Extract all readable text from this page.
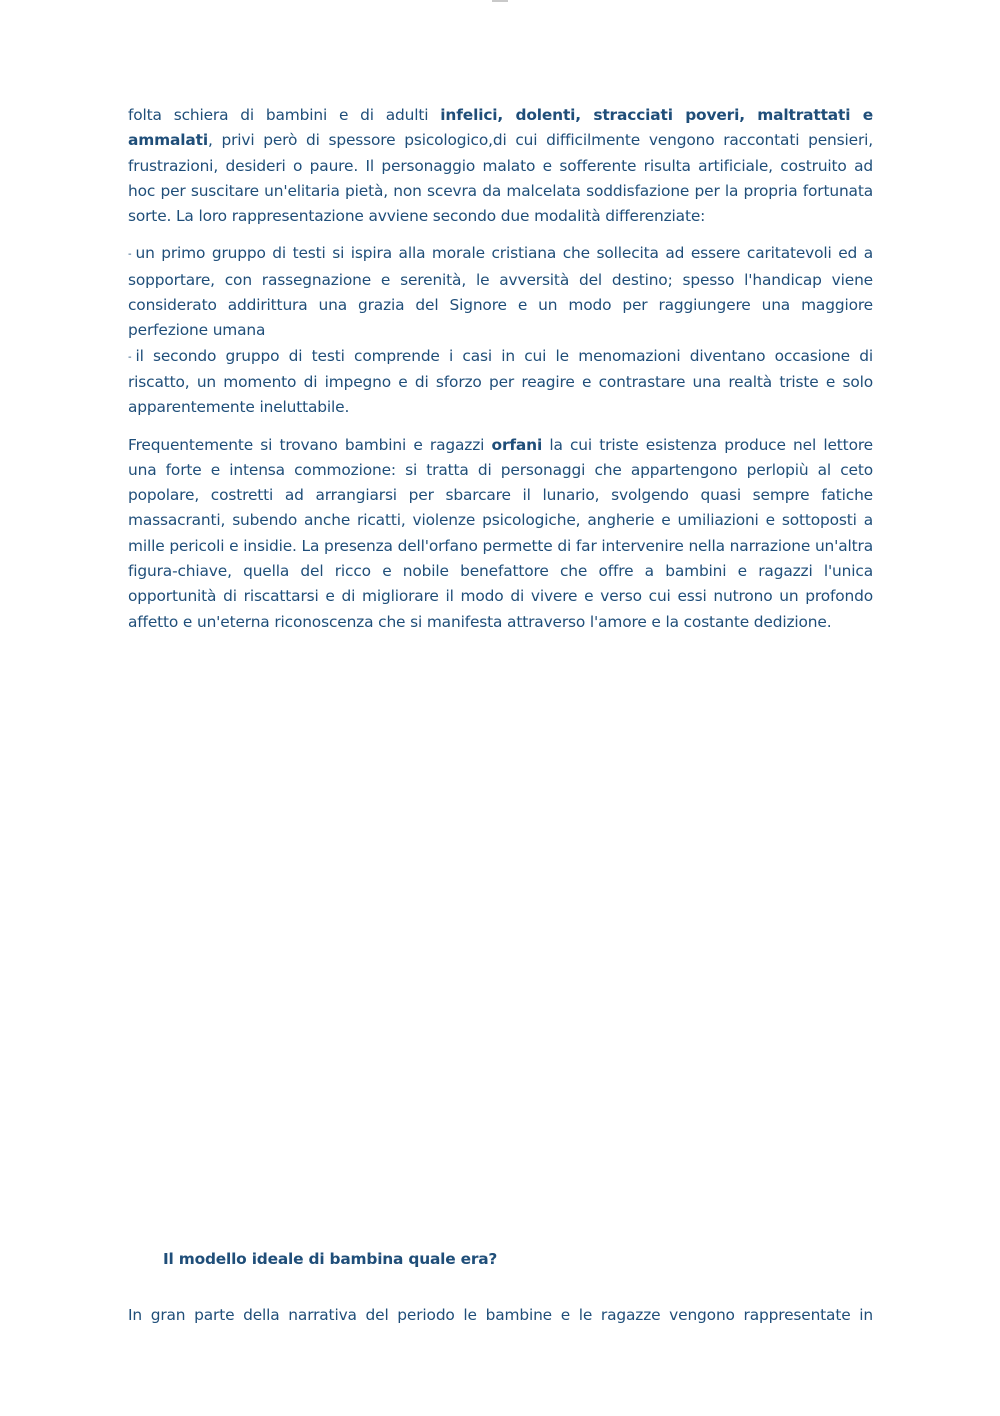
folta schiera di bambini e di adulti infelici, dolenti, stracciati poveri, maltrattati e ammalati, privi però di spessore psicologico,di cui difficilmente vengono raccontati pensieri, frustrazioni, desideri o paure. Il personaggio malato e sofferente risulta artificiale, costruito ad hoc per suscitare un'elitaria pietà, non scevra da malcelata soddisfazione per la propria fortunata sorte. La loro rappresentazione avviene secondo due modalità differenziate:

- un primo gruppo di testi si ispira alla morale cristiana che sollecita ad essere caritatevoli ed a sopportare, con rassegnazione e serenità, le avversità del destino; spesso l'handicap viene considerato addirittura una grazia del Signore e un modo per raggiungere una maggiore perfezione umana

- il secondo gruppo di testi comprende i casi in cui le menomazioni diventano occasione di riscatto, un momento di impegno e di sforzo per reagire e contrastare una realtà triste e solo apparentemente ineluttabile.

Frequentemente si trovano bambini e ragazzi orfani la cui triste esistenza produce nel lettore una forte e intensa commozione: si tratta di personaggi che appartengono perlopiù al ceto popolare, costretti ad arrangiarsi per sbarcare il lunario, svolgendo quasi sempre fatiche massacranti, subendo anche ricatti, violenze psicologiche, angherie e umiliazioni e sottoposti a mille pericoli e insidie. La presenza dell'orfano permette di far intervenire nella narrazione un'altra figura-chiave, quella del ricco e nobile benefattore che offre a bambini e ragazzi l'unica opportunità di riscattarsi e di migliorare il modo di vivere e verso cui essi nutrono un profondo affetto e un'eterna riconoscenza che si manifesta attraverso l'amore e la costante dedizione.

Il modello ideale di bambina quale era?

In gran parte della narrativa del periodo le bambine e le ragazze vengono rappresentate in
